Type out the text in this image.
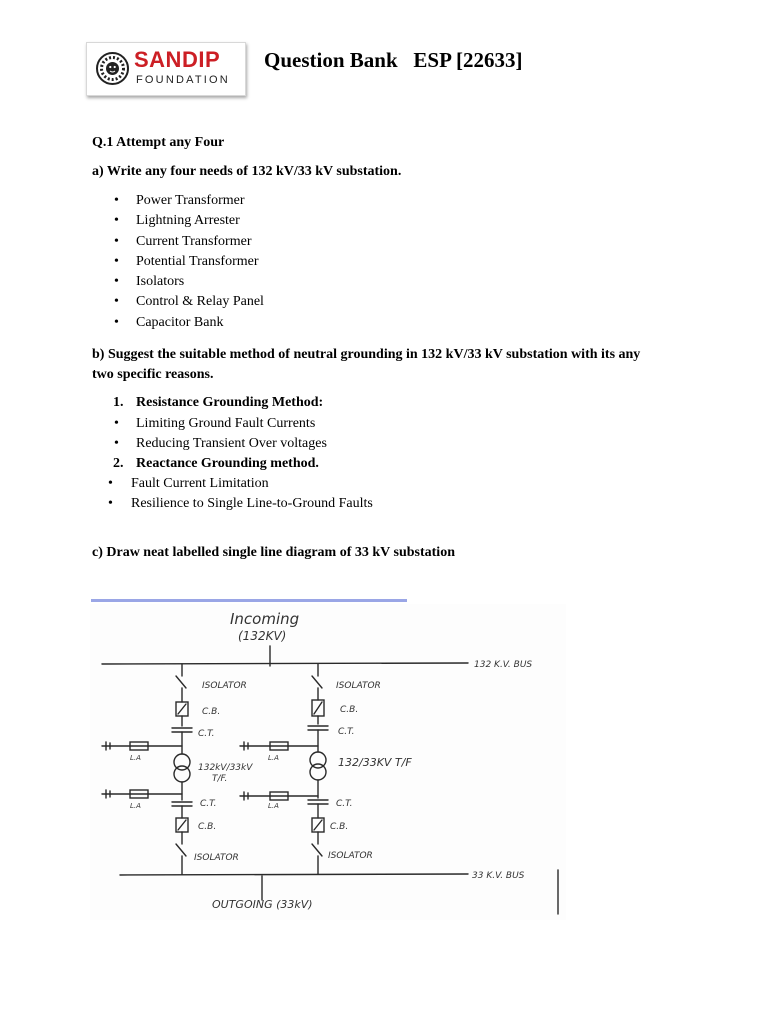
SANDIP
FOUNDATION
Question Bank   ESP [22633]
Q.1 Attempt any Four
a) Write any four needs of 132 kV/33 kV substation.
• Power Transformer
• Lightning Arrester
• Current Transformer
• Potential Transformer
• Isolators
• Control & Relay Panel
• Capacitor Bank
b) Suggest the suitable method of neutral grounding in 132 kV/33 kV substation with its any
two specific reasons.
1. Resistance Grounding Method:
• Limiting Ground Fault Currents
• Reducing Transient Over voltages
2. Reactance Grounding method.
• Fault Current Limitation
• Resilience to Single Line-to-Ground Faults
c) Draw neat labelled single line diagram of 33 kV substation
Incoming
(132KV)
132 K.V. BUS
ISOLATOR	ISOLATOR
C.B.	C.B.
C.T.	C.T.
L.A	L.A
132kV/33kV
T/F.
132/33KV T/F
L.A	L.A
C.T.	C.T.
C.B.	C.B.
ISOLATOR	ISOLATOR
33 K.V. BUS
OUTGOING (33kV)
